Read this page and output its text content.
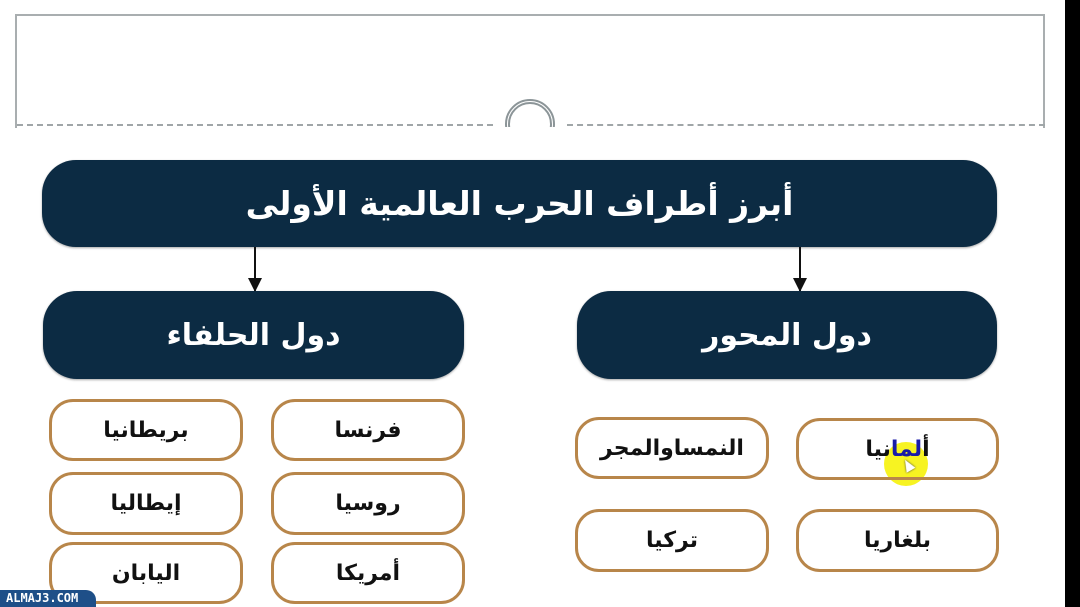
أبرز أطراف الحرب العالمية الأولى
دول المحور
دول الحلفاء
ألمانيا
النمساوالمجر
بلغاريا
تركيا
فرنسا
بريطانيا
روسيا
إيطاليا
أمريكا
اليابان
ALMAJ3.COM
